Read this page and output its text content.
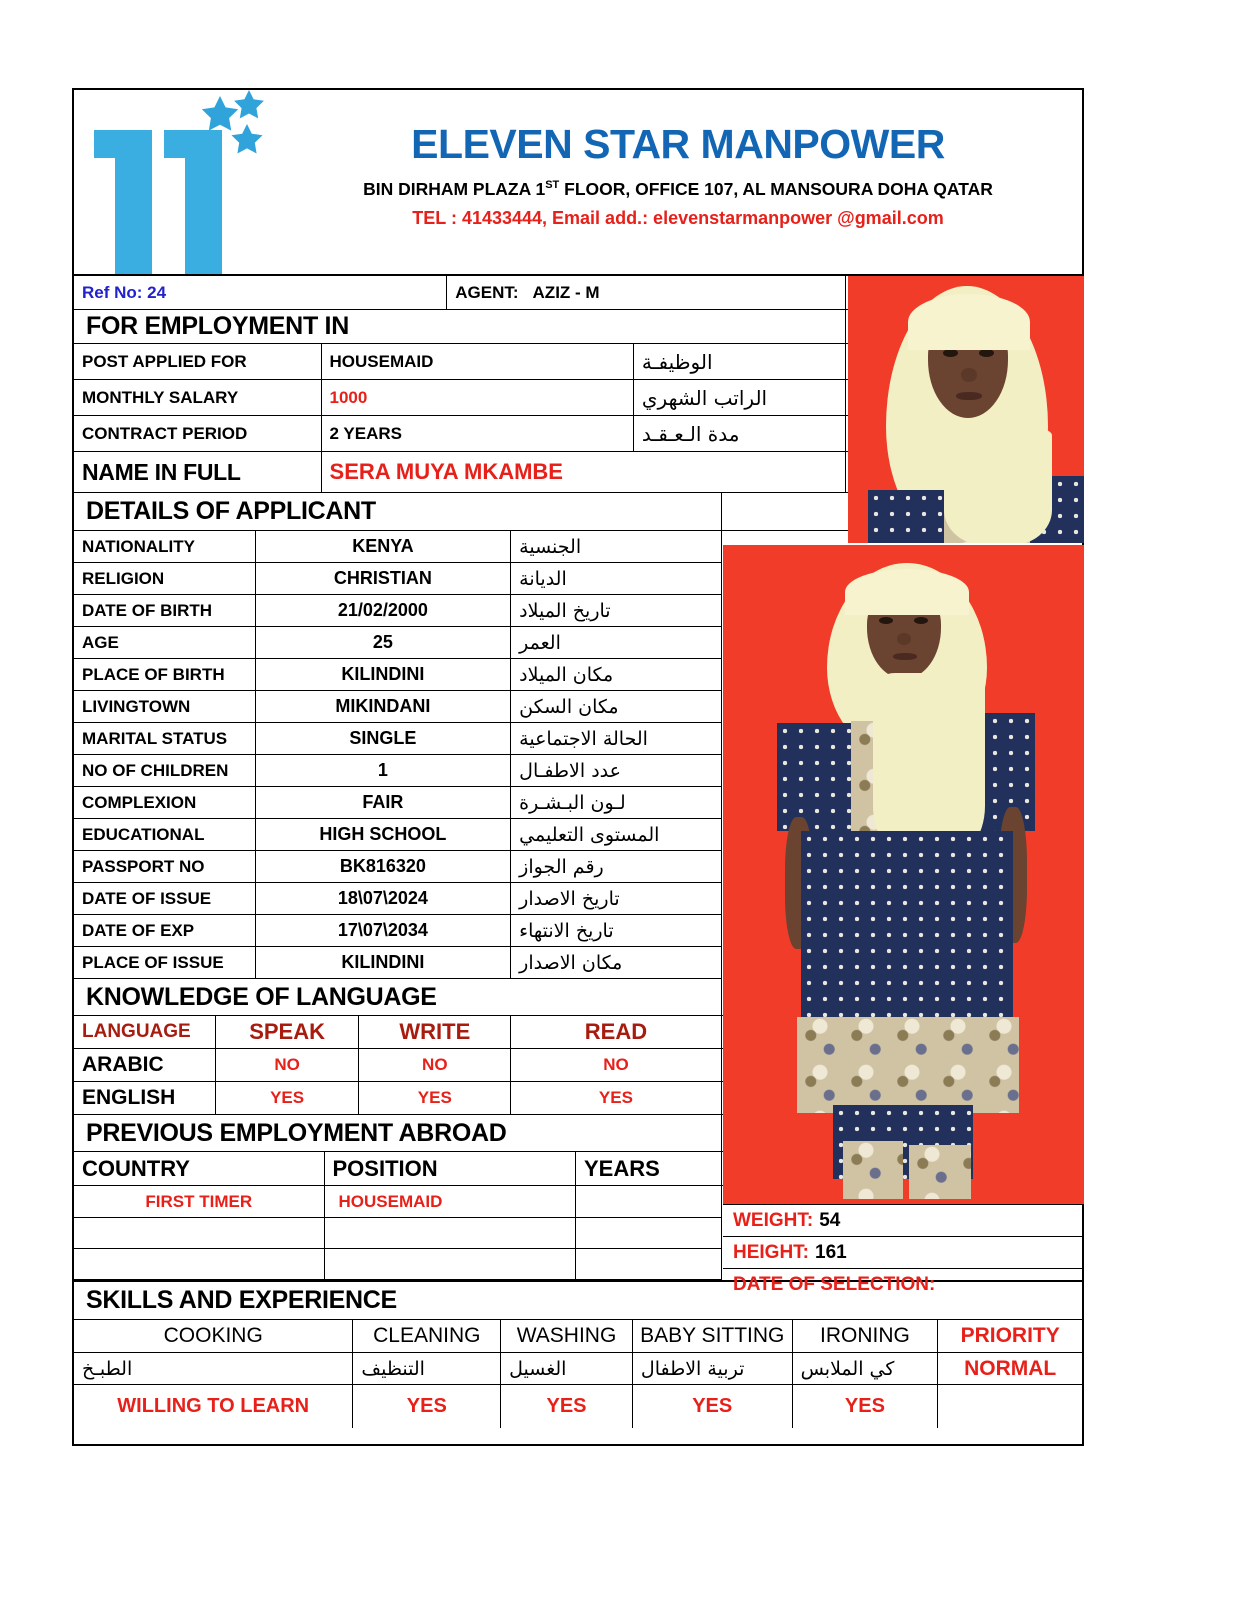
ELEVEN STAR MANPOWER
BIN DIRHAM PLAZA 1ST FLOOR, OFFICE 107, AL MANSOURA DOHA QATAR
TEL : 41433444, Email add.: elevenstarmanpower @gmail.com
Ref No: 24	AGENT: AZIZ - M
FOR EMPLOYMENT IN
POST APPLIED FOR	HOUSEMAID	الوظيفـة
MONTHLY SALARY	1000	الراتب الشهري
CONTRACT PERIOD	2 YEARS	مدة الـعـقـد
NAME IN FULL	SERA MUYA MKAMBE
DETAILS OF APPLICANT
NATIONALITY	KENYA	الجنسية
RELIGION	CHRISTIAN	الديانة
DATE OF BIRTH	21/02/2000	تاريخ الميلاد
AGE	25	العمر
PLACE OF BIRTH	KILINDINI	مكان الميلاد
LIVINGTOWN	MIKINDANI	مكان السكن
MARITAL STATUS	SINGLE	الحالة الاجتماعية
NO OF CHILDREN	1	عدد الاطفـال
COMPLEXION	FAIR	لـون البـشـرة
EDUCATIONAL	HIGH SCHOOL	المستوى التعليمي
PASSPORT NO	BK816320	رقم الجواز
DATE OF ISSUE	18\07\2024	تاريخ الاصدار
DATE OF EXP	17\07\2034	تاريخ الانتهاء
PLACE OF ISSUE	KILINDINI	مكان الاصدار
KNOWLEDGE OF LANGUAGE
LANGUAGE	SPEAK	WRITE	READ
ARABIC	NO	NO	NO
ENGLISH	YES	YES	YES
PREVIOUS EMPLOYMENT ABROAD
COUNTRY	POSITION	YEARS
FIRST TIMER	HOUSEMAID
SKILLS AND EXPERIENCE
COOKING	CLEANING	WASHING	BABY SITTING	IRONING	PRIORITY
الطبـخ	التنظيف	الغسيل	تربية الاطفال	كي الملابس	NORMAL
WILLING TO LEARN	YES	YES	YES	YES
WEIGHT: 54
HEIGHT: 161
DATE OF SELECTION:
